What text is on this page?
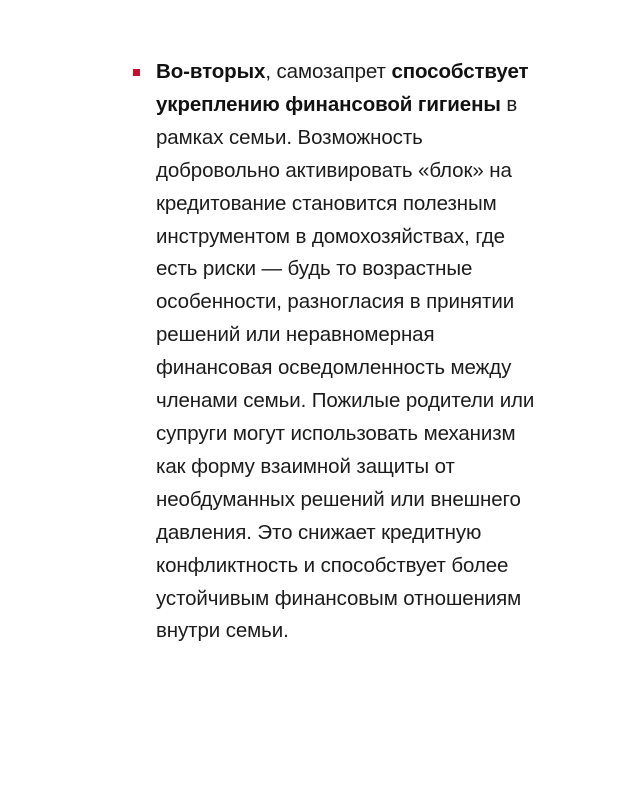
Во-вторых, самозапрет способствует укреплению финансовой гигиены в рамках семьи. Возможность добровольно активировать «блок» на кредитование становится полезным инструментом в домохозяйствах, где есть риски — будь то возрастные особенности, разногласия в принятии решений или неравномерная финансовая осведомленность между членами семьи. Пожилые родители или супруги могут использовать механизм как форму взаимной защиты от необдуманных решений или внешнего давления. Это снижает кредитную конфликтность и способствует более устойчивым финансовым отношениям внутри семьи.
